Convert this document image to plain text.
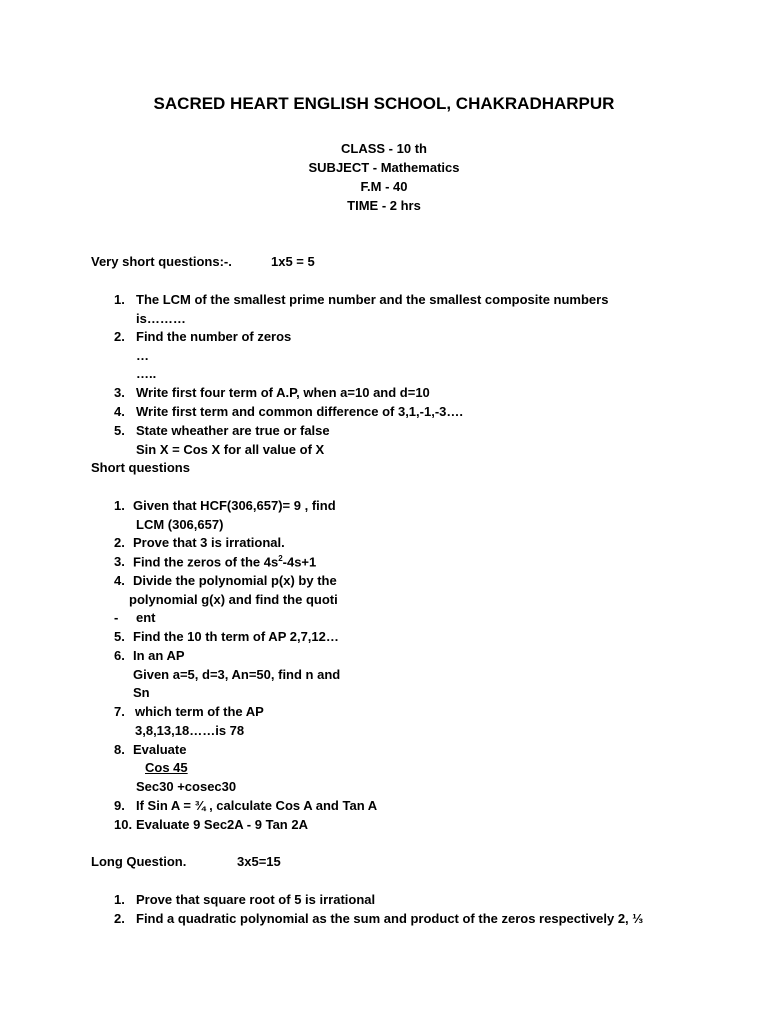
SACRED HEART ENGLISH SCHOOL, CHAKRADHARPUR
CLASS - 10 th
SUBJECT - Mathematics
F.M - 40
TIME - 2 hrs
Very short questions:-.	1x5 = 5
1. The LCM of the smallest prime number and the smallest composite numbers
is………
2. Find the number of zeros
…
…..
3. Write first four term of A.P, when a=10 and d=10
4. Write first term and common difference of 3,1,-1,-3….
5. State wheather are true or false
Sin X = Cos X for all value of X
Short questions
1. Given that HCF(306,657)= 9 , find
LCM (306,657)
2. Prove that 3 is irrational.
3. Find the zeros of the $4s^2-4s+1$
4. Divide the polynomial p(x) by the
polynomial g(x) and find the quoti
- ent
5. Find the 10 th term of AP 2,7,12…
6. In an AP
Given a=5, d=3, An=50, find n and
Sn
7. which term of the AP
3,8,13,18……is 78
8. Evaluate
Cos 45
Sec30 +cosec30
9. If Sin A = ¾ , calculate Cos A and Tan A
10. Evaluate 9 Sec2A - 9 Tan 2A
Long Question.	3x5=15
1. Prove that square root of 5 is irrational
2. Find a quadratic polynomial as the sum and product of the zeros respectively 2, ⅓
